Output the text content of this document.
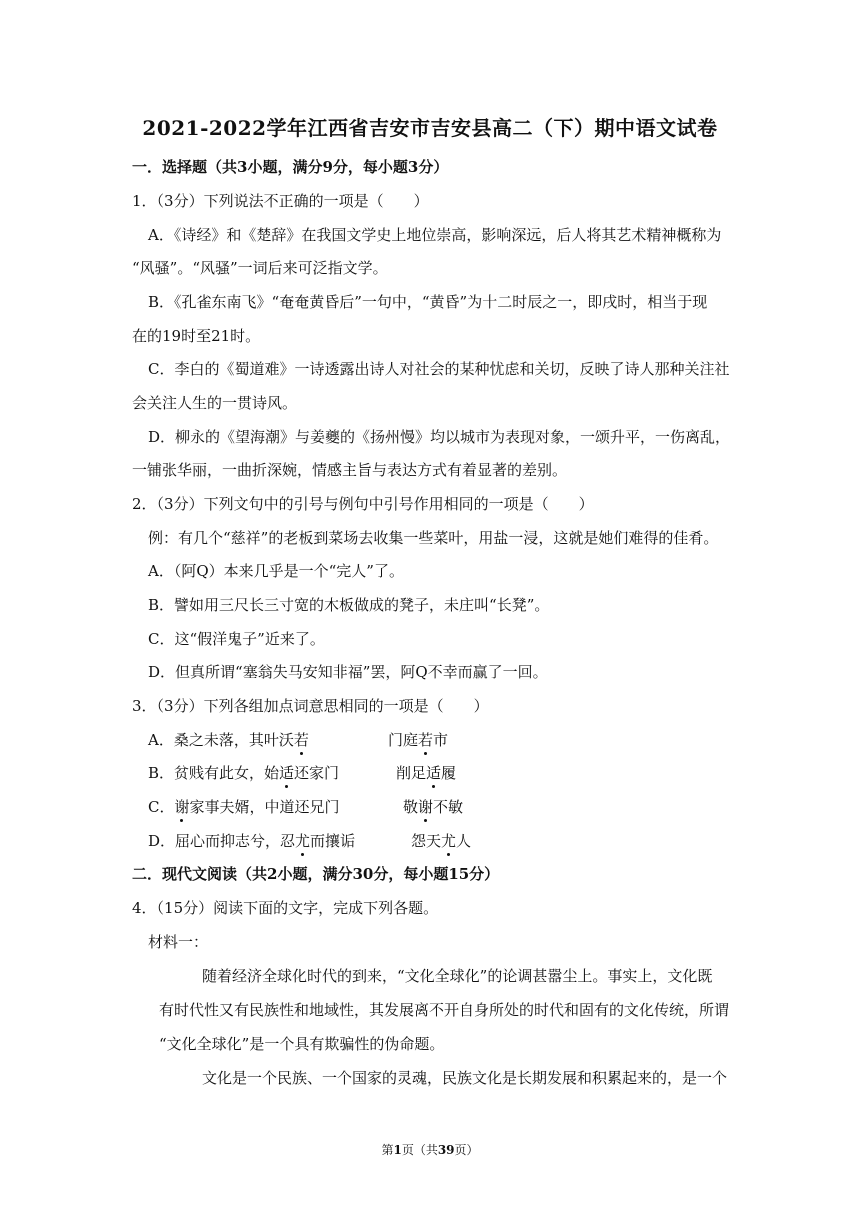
2021-2022学年江西省吉安市吉安县高二（下）期中语文试卷
一．选择题（共3小题，满分9分，每小题3分）
1．（3分）下列说法不正确的一项是（　　）
A．《诗经》和《楚辞》在我国文学史上地位崇高，影响深远，后人将其艺术精神概称为
“风骚”。“风骚”一词后来可泛指文学。
B．《孔雀东南飞》“奄奄黄昏后”一句中，“黄昏”为十二时辰之一，即戌时，相当于现
在的19时至21时。
C．李白的《蜀道难》一诗透露出诗人对社会的某种忧虑和关切，反映了诗人那种关注社
会关注人生的一贯诗风。
D．柳永的《望海潮》与姜夔的《扬州慢》均以城市为表现对象，一颂升平，一伤离乱，
一铺张华丽，一曲折深婉，情感主旨与表达方式有着显著的差别。
2．（3分）下列文句中的引号与例句中引号作用相同的一项是（　　）
例：有几个“慈祥”的老板到菜场去收集一些菜叶，用盐一浸，这就是她们难得的佳肴。
A．（阿Q）本来几乎是一个“完人”了。
B．譬如用三尺长三寸宽的木板做成的凳子，未庄叫“长凳”。
C．这“假洋鬼子”近来了。
D．但真所谓“塞翁失马安知非福”罢，阿Q不幸而赢了一回。
3．（3分）下列各组加点词意思相同的一项是（　　）
A．桑之未落，其叶沃若	门庭若市
B．贫贱有此女，始适还家门	削足适履
C．谢家事夫婿，中道还兄门	敬谢不敏
D．屈心而抑志兮，忍尤而攘诟	怨天尤人
二．现代文阅读（共2小题，满分30分，每小题15分）
4．（15分）阅读下面的文字，完成下列各题。
材料一：
随着经济全球化时代的到来，“文化全球化”的论调甚嚣尘上。事实上，文化既
有时代性又有民族性和地域性，其发展离不开自身所处的时代和固有的文化传统，所谓
“文化全球化”是一个具有欺骗性的伪命题。
文化是一个民族、一个国家的灵魂，民族文化是长期发展和积累起来的，是一个
第1页（共39页）
